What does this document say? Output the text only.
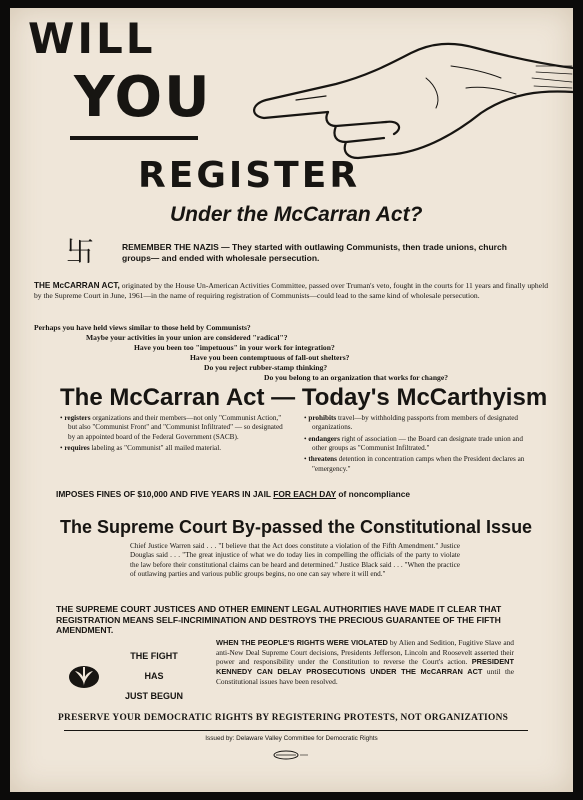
WILL
YOU
REGISTER
Under the McCarran Act?
卐	REMEMBER THE NAZIS — They started with outlawing Communists, then trade unions, church groups— and ended with wholesale persecution.
THE McCARRAN ACT, originated by the House Un-American Activities Committee, passed over Truman's veto, fought in the courts for 11 years and finally upheld by the Supreme Court in June, 1961—in the name of requiring registration of Communists—could lead to the same kind of wholesale persecution.
Perhaps you have held views similar to those held by Communists?
Maybe your activities in your union are considered "radical"?
Have you been too "impetuous" in your work for integration?
Have you been contemptuous of fall-out shelters?
Do you reject rubber-stamp thinking?
Do you belong to an organization that works for change?
The McCarran Act — Today's McCarthyism

• registers organizations and their members—not only "Communist Action," but also "Communist Front" and "Communist Infiltrated" — so designated by an appointed board of the Federal Government (SACB).

• requires labeling as "Communist" all mailed material.

• prohibits travel—by withholding passports from members of designated organizations.

• endangers right of association — the Board can designate trade union and other groups as "Communist Infiltrated."

• threatens detention in concentration camps when the President declares an "emergency."

IMPOSES FINES OF $10,000 AND FIVE YEARS IN JAIL FOR EACH DAY of noncompliance
The Supreme Court By-passed the Constitutional Issue
Chief Justice Warren said . . . "I believe that the Act does constitute a violation of the Fifth Amendment." Justice Douglas said . . . "The great injustice of what we do today lies in compelling the officials of the party to violate the law before their constitutional claims can be heard and determined." Justice Black said . . . "When the practice of outlawing parties and various public groups begins, no one can say where it will end."
THE SUPREME COURT JUSTICES AND OTHER EMINENT LEGAL AUTHORITIES HAVE MADE IT CLEAR THAT REGISTRATION MEANS SELF-INCRIMINATION AND DESTROYS THE PRECIOUS GUARANTEE OF THE FIFTH AMENDMENT.
THE FIGHT
HAS
JUST BEGUN
WHEN THE PEOPLE'S RIGHTS WERE VIOLATED by Alien and Sedition, Fugitive Slave and anti-New Deal Supreme Court decisions, Presidents Jefferson, Lincoln and Roosevelt asserted their power and responsibility under the Constitution to reverse the Court's action. PRESIDENT KENNEDY CAN DELAY PROSECUTIONS UNDER THE McCARRAN ACT until the Constitutional issues have been resolved.
PRESERVE YOUR DEMOCRATIC RIGHTS BY REGISTERING PROTESTS, NOT ORGANIZATIONS
Issued by: Delaware Valley Committee for Democratic Rights
